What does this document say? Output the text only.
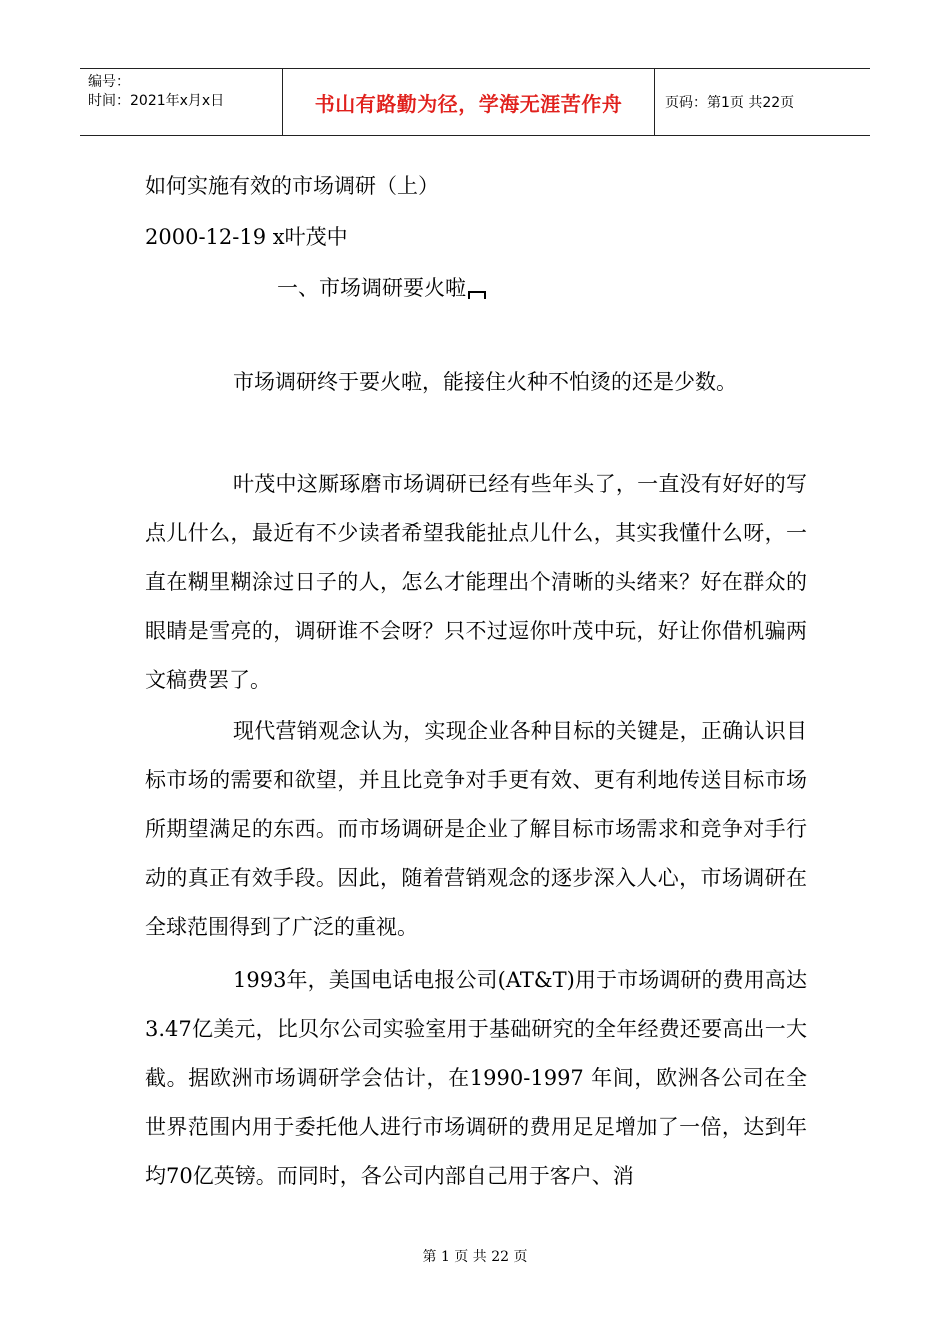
编号：
时间：2021年x月x日	书山有路勤为径，学海无涯苦作舟	页码：第1页 共22页
如何实施有效的市场调研（上）
2000-12-19 x叶茂中
一、市场调研要火啦
市场调研终于要火啦，能接住火种不怕烫的还是少数。
叶茂中这厮琢磨市场调研已经有些年头了，一直没有好好的写点儿什么，最近有不少读者希望我能扯点儿什么，其实我懂什么呀，一直在糊里糊涂过日子的人，怎么才能理出个清晰的头绪来？好在群众的眼睛是雪亮的，调研谁不会呀？只不过逗你叶茂中玩，好让你借机骗两文稿费罢了。
现代营销观念认为，实现企业各种目标的关键是，正确认识目标市场的需要和欲望，并且比竞争对手更有效、更有利地传送目标市场所期望满足的东西。而市场调研是企业了解目标市场需求和竞争对手行动的真正有效手段。因此，随着营销观念的逐步深入人心，市场调研在全球范围得到了广泛的重视。
1993年，美国电话电报公司(AT&T)用于市场调研的费用高达3.47亿美元，比贝尔公司实验室用于基础研究的全年经费还要高出一大截。据欧洲市场调研学会估计，在1990-1997 年间，欧洲各公司在全世界范围内用于委托他人进行市场调研的费用足足增加了一倍，达到年均70亿英镑。而同时，各公司内部自己用于客户、消
第 1 页 共 22 页
